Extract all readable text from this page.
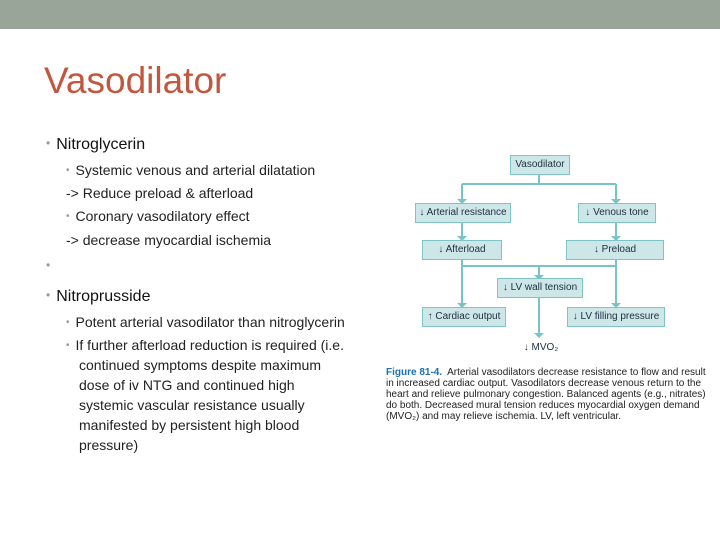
Vasodilator
• Nitroglycerin
• Systemic venous and arterial dilatation
-> Reduce preload & afterload
• Coronary vasodilatory effect
-> decrease myocardial ischemia
•
• Nitroprusside
• Potent arterial vasodilator than nitroglycerin
• If further afterload reduction is required (i.e.
continued symptoms despite maximum
dose of iv NTG and continued high
systemic vascular resistance usually
manifested by persistent high blood
pressure)
Vasodilator
↓ Arterial resistance	↓ Venous tone
↓ Afterload	↓ Preload
↓ LV wall tension
↑ Cardiac output	↓ LV filling pressure
↓ MVO₂
Figure 81-4. Arterial vasodilators decrease resistance to flow and result in increased cardiac output. Vasodilators decrease venous return to the heart and relieve pulmonary congestion. Balanced agents (e.g., nitrates) do both. Decreased mural tension reduces myocardial oxygen demand (MVO₂) and may relieve ischemia. LV, left ventricular.
